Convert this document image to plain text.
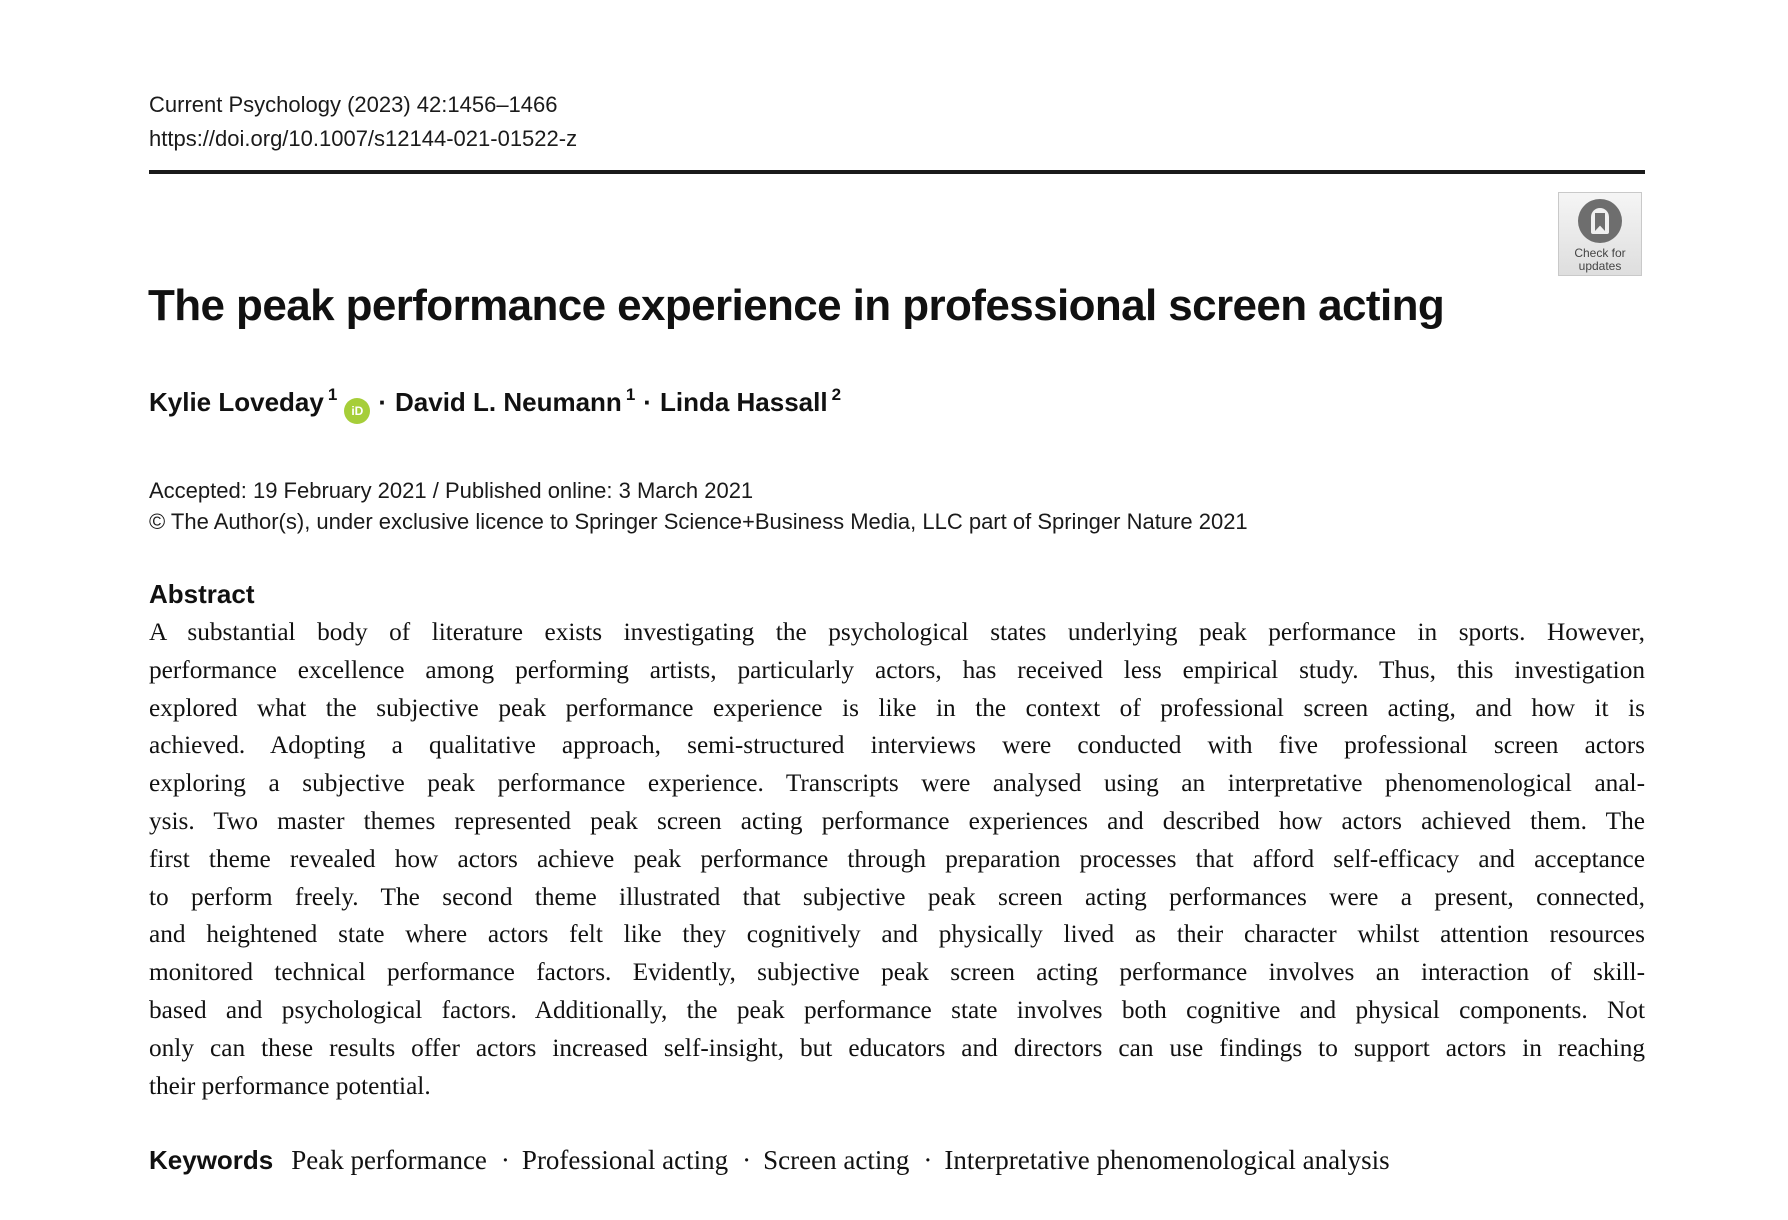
Current Psychology (2023) 42:1456–1466
https://doi.org/10.1007/s12144-021-01522-z
Check for
updates
The peak performance experience in professional screen acting
Kylie Loveday $^1$iD · David L. Neumann $^1$ · Linda Hassall $^2$
Accepted: 19 February 2021 / Published online: 3 March 2021
© The Author(s), under exclusive licence to Springer Science+Business Media, LLC part of Springer Nature 2021
Abstract
A substantial body of literature exists investigating the psychological states underlying peak performance in sports. However,
performance excellence among performing artists, particularly actors, has received less empirical study. Thus, this investigation
explored what the subjective peak performance experience is like in the context of professional screen acting, and how it is
achieved. Adopting a qualitative approach, semi-structured interviews were conducted with five professional screen actors
exploring a subjective peak performance experience. Transcripts were analysed using an interpretative phenomenological anal-
ysis. Two master themes represented peak screen acting performance experiences and described how actors achieved them. The
first theme revealed how actors achieve peak performance through preparation processes that afford self-efficacy and acceptance
to perform freely. The second theme illustrated that subjective peak screen acting performances were a present, connected,
and heightened state where actors felt like they cognitively and physically lived as their character whilst attention resources
monitored technical performance factors. Evidently, subjective peak screen acting performance involves an interaction of skill-
based and psychological factors. Additionally, the peak performance state involves both cognitive and physical components. Not
only can these results offer actors increased self-insight, but educators and directors can use findings to support actors in reaching
their performance potential.
Keywords Peak performance · Professional acting · Screen acting · Interpretative phenomenological analysis
